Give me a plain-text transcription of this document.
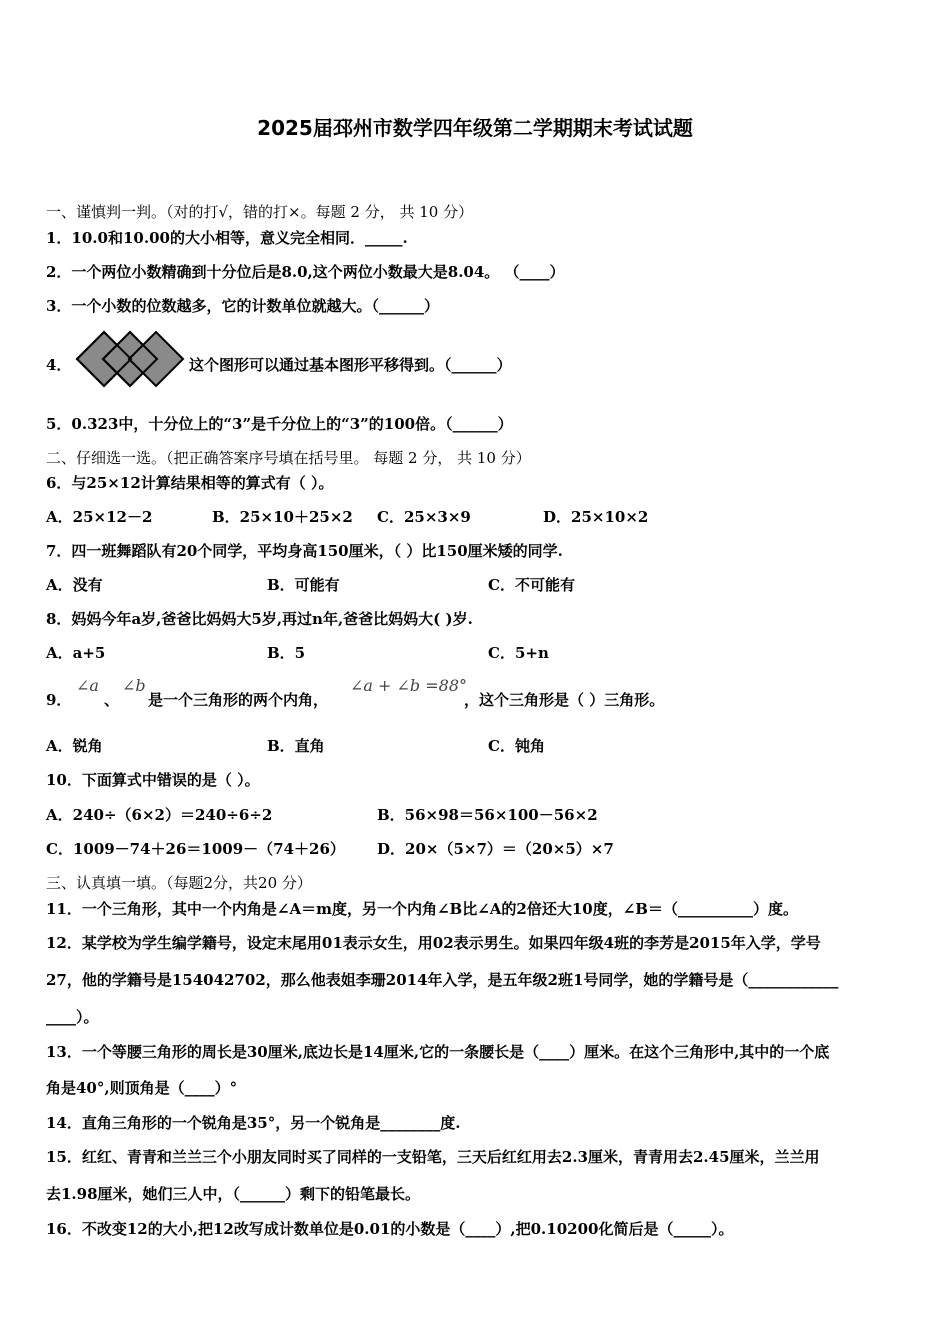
2025届邳州市数学四年级第二学期期末考试试题
一、谨慎判一判。（对的打√，错的打×。每题 2 分， 共 10 分）
1．10.0和10.00的大小相等，意义完全相同．_____.
2．一个两位小数精确到十分位后是8.0,这个两位小数最大是8.04。 （____）
3．一个小数的位数越多，它的计数单位就越大。（______）
4．	这个图形可以通过基本图形平移得到。（______）
5．0.323中，十分位上的“3”是千分位上的“3”的100倍。（______）
二、仔细选一选。（把正确答案序号填在括号里。 每题 2 分， 共 10 分）
6．与25×12计算结果相等的算式有（ ）。
A．25×12－2	B．25×10＋25×2 C．25×3×9	D．25×10×2
7．四一班舞蹈队有20个同学，平均身高150厘米，（ ）比150厘米矮的同学.
A．没有	B．可能有	C．不可能有
8．妈妈今年a岁,爸爸比妈妈大5岁,再过n年,爸爸比妈妈大( )岁.
A．a+5	B．5	C．5+n
9．
∠a
、
∠b
是一个三角形的两个内角，
∠a + ∠b =88°
，这个三角形是（ ）三角形。
A．锐角	B．直角	C．钝角
10．下面算式中错误的是（ ）。
A．240÷（6×2）＝240÷6÷2	B．56×98＝56×100－56×2
C．1009－74＋26＝1009－（74＋26） D．20×（5×7）＝（20×5）×7
三、认真填一填。（每题2分，共20 分）
11．一个三角形，其中一个内角是∠A＝m度，另一个内角∠B比∠A的2倍还大10度，∠B＝（__________）度。
12．某学校为学生编学籍号，设定末尾用01表示女生，用02表示男生。如果四年级4班的李芳是2015年入学，学号
27，他的学籍号是154042702，那么他表姐李珊2014年入学，是五年级2班1号同学，她的学籍号是（____________
____）。
13．一个等腰三角形的周长是30厘米,底边长是14厘米,它的一条腰长是（____）厘米。在这个三角形中,其中的一个底
角是40°,则顶角是（____）°
14．直角三角形的一个锐角是35°，另一个锐角是________度.
15．红红、青青和兰兰三个小朋友同时买了同样的一支铅笔，三天后红红用去2.3厘米，青青用去2.45厘米，兰兰用
去1.98厘米，她们三人中，（______）剩下的铅笔最长。
16．不改变12的大小,把12改写成计数单位是0.01的小数是（____）,把0.10200化简后是（_____）。
